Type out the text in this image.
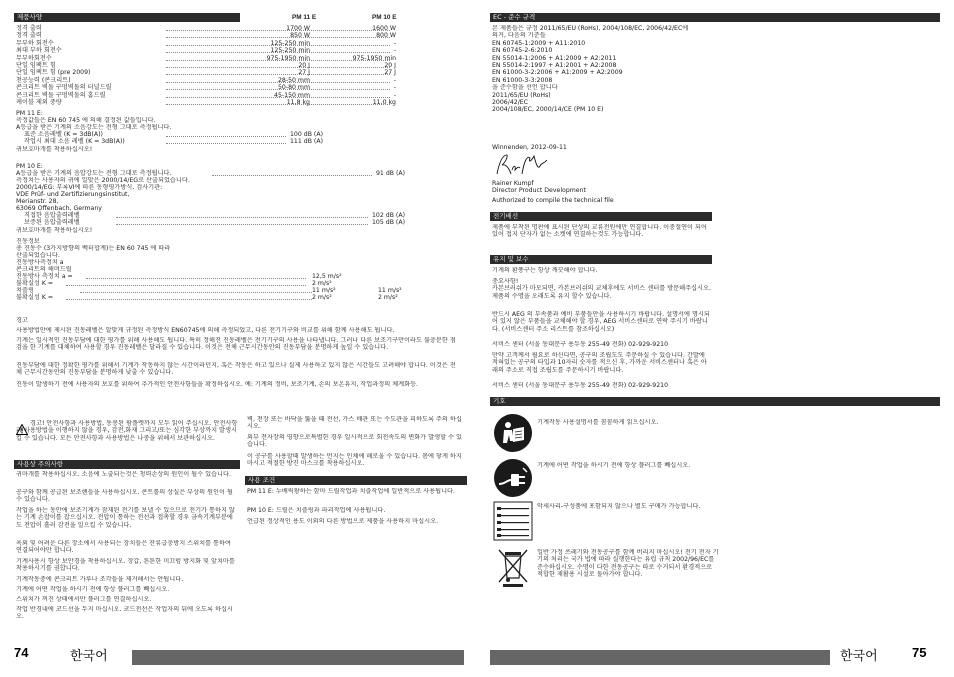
제품사양	PM 11 E	PM 10 E
정격 출력	1700 W	1600 W
정격 출력	850 W	800 W
무부하 회전수	125-250 min	-
최대 부하 회전수	125-250 min	-
무부하회전수	975-1950 min	975-1950 min
단일 임팩트 힘	20 J	20 J
단일 임팩트 힘 (pre 2009)	27 J	27 J
천공능력 (콘크리트)	28-50 mm	-
콘크리트 벽돌 구멍벽돌의 터널드릴	50-80 mm	-
콘크리트 벽돌 구멍벽돌의 홈드릴	45-150 mm	-
케이블 제외 중량	11,8 kg	11,0 kg
PM 11 E:
측정값들은 EN 60 745 에 의해 결정된 값들입니다.
A등급을 받은 기계의 소음강도는 전형 그대로 측정됩니다.
표준 소음레벨 (K = 3dB(A))	100 dB (A)
작업시 최대 소음 레벨 (K = 3dB(A))	111 dB (A)
귀보호마개를 착용하십시오!
PM 10 E:
A등급을 받은 기계의 음압강도는 전형 그대로 측정됩니다.	91 dB (A)
측정치는 사용자의 귀에 일맞은 2000/14/EG로 산출되었습니다.
2000/14/EG: 부록VI에 따른 동형평가방식, 검사기관:
VDE Prüf- und Zertifizierungsinstitut,
Merianstr. 28,
63069 Offenbach, Germany
직접한 음압출력레벨	102 dB (A)
보증된 음압출력레벨	105 dB (A)
귀보호마개를 착용하십시오!
진동정보
총 진동수 (3가지방향의 벡터합계)는 EN 60 745 에 따라
산출되었습니다.
진동방사측정치 a
콘크리트의 해머드릴
진동방사 측정치 a =	12,5 m/s²
불확실성 K =	2 m/s²
치즐링	11 m/s²	11 m/s²
불확실성 K =	2 m/s²	2 m/s²
경고
사용방법안에 제시된 진동레벨은 알맞게 규정된 측정방식 EN60745에 의해 측정되었고, 다른 전기기구와 비교를 위해 함께 사용해도 됩니다.
기계는 일시적인 진동부담에 대한 평가를 위해 사용해도 됩니다. 특히 정해진 진동레벨은 전기기구의 사용을 나타냅니다. 그러나 다른 보조기구만이라도 불충분한 점검을 한 기계를 대체하여 사용할 경우 진동레벨은 달라질 수 있습니다. 이것은 전체 근무시간동안의 진동부담을 분명하게 높일 수 있습니다.
진동부담에 대한 정확한 평가를 위해서 기계가 작동하지 않는 시간이라던지, 혹은 작동은 하고 있으나 실제 사용하고 있지 않은 시간들도 고려해야 합니다. 이것은 전체 근무시간동안의 진동부담을 분명하게 낮출 수 있습니다.
진동이 발생하기 전에 사용자의 보호를 위하여 추가적인 안전사항들을 확정하십시오. 예: 기계의 정비, 보조기계, 손의 보온유지, 작업과정의 체계화등.
경고! 안전사항과 사용방법, 동봉된 팜플렛까지 모두 읽어 주십시오. 안전사항과 사용방법을 이행하지 않을 경우, 감전,화재 그리고/또는 심각한 부상까지 발생시킬 수 있습니다. 모든 안전사항과 사용방법은 나중을 위해서 보관하십시오.
사용상 주의사항
귀마개를 착용하십시오. 소음에 노출되는것은 청력손상의 원인이 될수 있습니다.
공구와 함께 공급된 보조핸들을 사용하십시오. 콘트롤의 상실은 부상의 원인이 될 수 있습니다.
작업을 하는 동안에 보조기계가 잠재된 전기를 보낼 수 있으므로 전기가 통하지 않는 기계 손잡이를 잡으십시오. 전압이 통하는 전선과 접촉할 경우 금속기계부분에도 전압이 흘러 감전을 일으킬 수 있습니다.
옥외 및 어려운 다른 장소에서 사용되는 장치들은 잔류급충방지 스위치를 통하여 연결되어야만 합니다.
기계사용시 항상 보안경을 착용하십시오. 장갑, 튼튼한 미끄럼 방지화 및 앞치마를 착용하시기를 권합니다.
기계작동중에 콘크리트 가루나 조각들을 제거해서는 안됩니다.
기계에 어떤 작업을 하시기 전에 항상 플러그를 빼십시오.
스위치가 꺼진 상태에서만 플러그를 연결하십시오.
작업 반경내에 코드선을 두지 마십시오. 코드전선은 작업자의 뒤에 오도록 하십시오.
벽, 천장 또는 바닥을 뚫을 때 전선, 가스 배관 또는 수도관을 피하도록 주의 하십시오.
외부 전자장의 영향으로특별한 경우 일시적으로 회전속도의 변화가 발생할 수 있습니다.
이 공구를 사용할때 발생하는 먼지는 인체에 해로울 수 있습니다. 몸에 닿게 하지 마시고 적절한 방진 마스크를 착용하십시오.
사용 조건
PM 11 E: 누베릭왕하는 함마 드릴작업과 치즐작업에 일반적으로 사용됩니다.
PM 10 E: 드릴은 치즐링과 파괴작업에 사용됩니다.
언급된 정상적인 용도 이외의 다른 방법으로 제품을 사용하지 마십시오.
74	한국어
EC - 준수 규격
본 제품들은 규정 2011/65/EU (RoHs), 2004/108/EC, 2006/42/EC에
의거, 다음의 기준들
EN 60745-1:2009 + A11:2010
EN 60745-2-6:2010
EN 55014-1:2006 + A1:2009 + A2:2011
EN 55014-2:1997 + A1:2001 + A2:2008
EN 61000-3-2:2006 + A1:2009 + A2:2009
EN 61000-3-3:2008
을 준수함을 선언 합니다
2011/65/EU (RoHs)
2006/42/EC
2004/108/EC, 2000/14/CE (PM 10 E)
Winnenden, 2012-09-11
Rainer Kumpf
Director Product Development
Authorized to compile the technical file
전기배선
제품에 부착된 명판에 표시된 단상의 교류전원에만 연결합니다. 이중절연이 되어 있어 접지 단자가 없는 소켓에 연결하는것도 가능합니다.
유지 및 보수
기계의 환풍구는 항상 깨끗해야 합니다.
중요사항!
카본브러쉬가 마모되면, 카본브러쉬의 교체후에도 서비스 센터를 방문해주십시오. 제품의 수명을 오래도록 유지 할수 있습니다.
반드시 AEG 의 부속품과 예비 부품들만을 사용하시기 바랍니다. 설명서에 명시되어 있지 않은 부품들을 교체해야 할 경우, AEG 서비스센터로 연락 주시기 바랍니다. (서비스센터 주소 리스트를 참조하십시오)
서비스 센터 (서울 동대문구 용두동 255-49 전화) 02-929-9210
만약 고객께서 필요로 하신다면, 공구의 조립도도 주문하실 수 있습니다. 간발에 적혀있는 공구의 타입과 10자리 숫자를 적으신 후, 가까운 서비스센터나 혹은 아래의 주소로 직접 조립도를 주문하시기 바랍니다.
서비스 센터 (서울 동대문구 용두동 255-49 전화) 02-929-9210
기호
기계작동 사용설명서를 꼼꼼하게 읽으십시오.
기계에 어떤 작업을 하시기 전에 항상 플러그를 빼십시오.
악세사리-구성품에 포함되지 않으나 별도 구매가 가능합니다.
일반 가정 쓰레기와 전동공구를 함께 버리지 마십시오! 전기 전자 기기의 처리는 국가 법에 따라 실행한다는 유럽 규칙 2002/96/EC를 준수하십시오. 수명이 다한 전동공구는 따로 수거되서 환경적으로 적합한 재활용 시설로 돌아가야 합니다.
한국어	75
